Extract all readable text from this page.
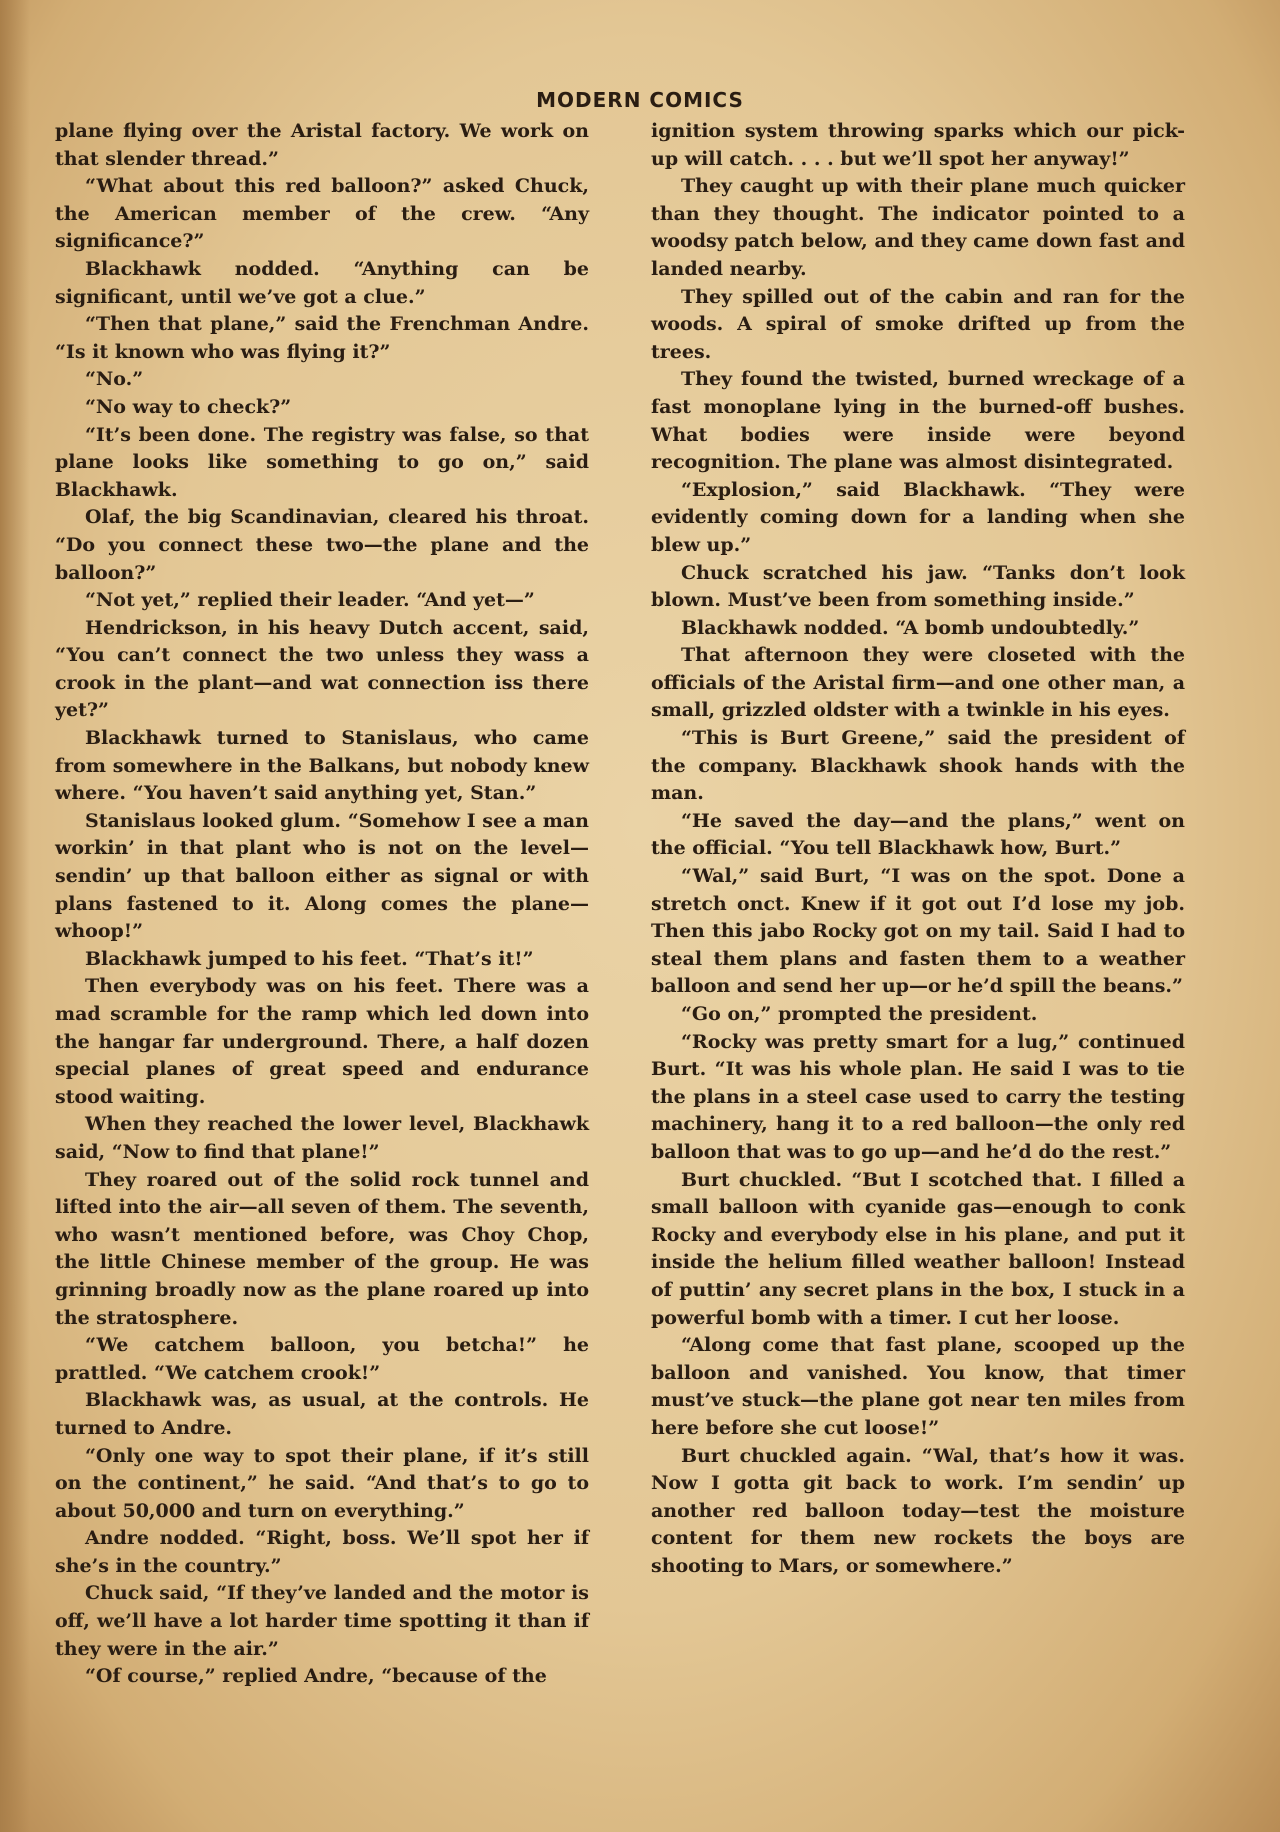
MODERN COMICS

plane flying over the Aristal factory. We work on that slender thread.”

“What about this red balloon?” asked Chuck, the American member of the crew. “Any significance?”

Blackhawk nodded. “Anything can be significant, until we’ve got a clue.”

“Then that plane,” said the Frenchman Andre. “Is it known who was flying it?”

“No.”

“No way to check?”

“It’s been done. The registry was false, so that plane looks like something to go on,” said Blackhawk.

Olaf, the big Scandinavian, cleared his throat. “Do you connect these two—the plane and the balloon?”

“Not yet,” replied their leader. “And yet—”

Hendrickson, in his heavy Dutch accent, said, “You can’t connect the two unless they wass a crook in the plant—and wat connection iss there yet?”

Blackhawk turned to Stanislaus, who came from somewhere in the Balkans, but nobody knew where. “You haven’t said anything yet, Stan.”

Stanislaus looked glum. “Somehow I see a man workin’ in that plant who is not on the level—sendin’ up that balloon either as signal or with plans fastened to it. Along comes the plane—whoop!”

Blackhawk jumped to his feet. “That’s it!”

Then everybody was on his feet. There was a mad scramble for the ramp which led down into the hangar far underground. There, a half dozen special planes of great speed and endurance stood waiting.

When they reached the lower level, Blackhawk said, “Now to find that plane!”

They roared out of the solid rock tunnel and lifted into the air—all seven of them. The seventh, who wasn’t mentioned before, was Choy Chop, the little Chinese member of the group. He was grinning broadly now as the plane roared up into the stratosphere.

“We catchem balloon, you betcha!” he prattled. “We catchem crook!”

Blackhawk was, as usual, at the controls. He turned to Andre.

“Only one way to spot their plane, if it’s still on the continent,” he said. “And that’s to go to about 50,000 and turn on everything.”

Andre nodded. “Right, boss. We’ll spot her if she’s in the country.”

Chuck said, “If they’ve landed and the motor is off, we’ll have a lot harder time spotting it than if they were in the air.”

“Of course,” replied Andre, “because of the

ignition system throwing sparks which our pick-up will catch. . . . but we’ll spot her anyway!”

They caught up with their plane much quicker than they thought. The indicator pointed to a woodsy patch below, and they came down fast and landed nearby.

They spilled out of the cabin and ran for the woods. A spiral of smoke drifted up from the trees.

They found the twisted, burned wreckage of a fast monoplane lying in the burned-off bushes. What bodies were inside were beyond recognition. The plane was almost disintegrated.

“Explosion,” said Blackhawk. “They were evidently coming down for a landing when she blew up.”

Chuck scratched his jaw. “Tanks don’t look blown. Must’ve been from something inside.”

Blackhawk nodded. “A bomb undoubtedly.”

That afternoon they were closeted with the officials of the Aristal firm—and one other man, a small, grizzled oldster with a twinkle in his eyes.

“This is Burt Greene,” said the president of the company. Blackhawk shook hands with the man.

“He saved the day—and the plans,” went on the official. “You tell Blackhawk how, Burt.”

“Wal,” said Burt, “I was on the spot. Done a stretch onct. Knew if it got out I’d lose my job. Then this jabo Rocky got on my tail. Said I had to steal them plans and fasten them to a weather balloon and send her up—or he’d spill the beans.”

“Go on,” prompted the president.

“Rocky was pretty smart for a lug,” continued Burt. “It was his whole plan. He said I was to tie the plans in a steel case used to carry the testing machinery, hang it to a red balloon—the only red balloon that was to go up—and he’d do the rest.”

Burt chuckled. “But I scotched that. I filled a small balloon with cyanide gas—enough to conk Rocky and everybody else in his plane, and put it inside the helium filled weather balloon! Instead of puttin’ any secret plans in the box, I stuck in a powerful bomb with a timer. I cut her loose.

“Along come that fast plane, scooped up the balloon and vanished. You know, that timer must’ve stuck—the plane got near ten miles from here before she cut loose!”

Burt chuckled again. “Wal, that’s how it was. Now I gotta git back to work. I’m sendin’ up another red balloon today—test the moisture content for them new rockets the boys are shooting to Mars, or somewhere.”
